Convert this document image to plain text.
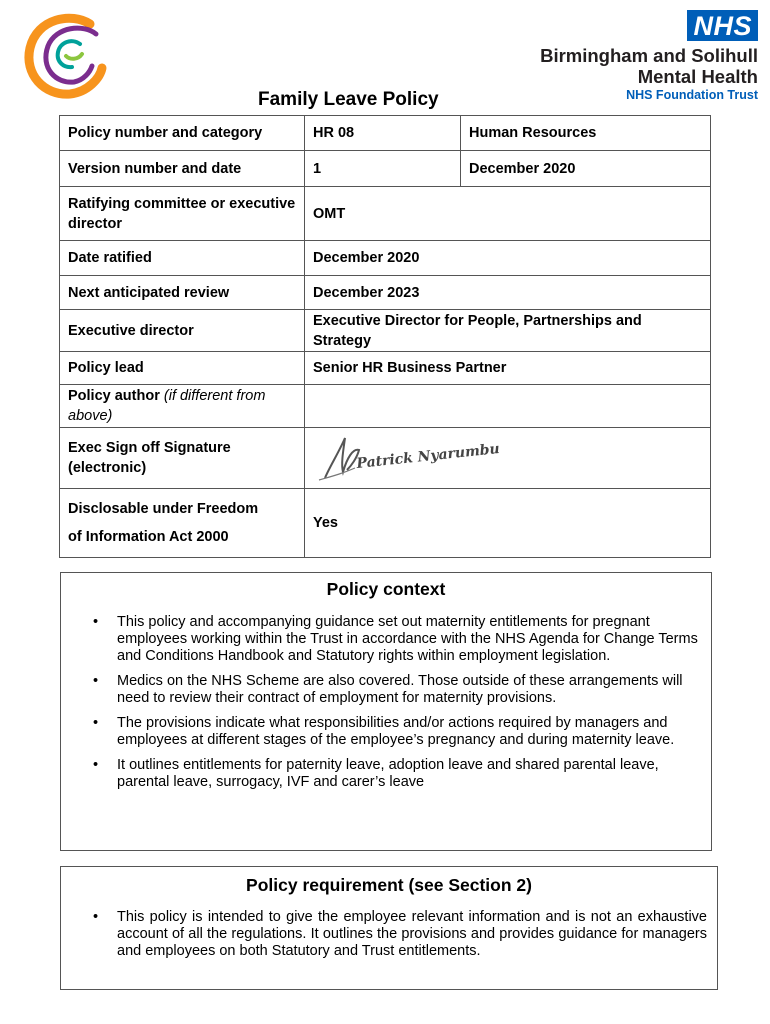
NHS
Birmingham and Solihull
Mental Health
NHS Foundation Trust
Family Leave Policy
Policy number and category	HR 08	Human Resources
Version number and date	1	December 2020
Ratifying committee or executive director	OMT	
Date ratified	December 2020	
Next anticipated review	December 2023	
Executive director	Executive Director for People, Partnerships and Strategy	
Policy lead	Senior HR Business Partner	
Policy author (if different from above)		
Exec Sign off Signature (electronic)	Patrick Nyarumbu	

Disclosable under Freedom
of Information Act 2000	Yes	
Policy context
• This policy and accompanying guidance set out maternity entitlements for pregnant employees working within the Trust in accordance with the NHS Agenda for Change Terms and Conditions Handbook and Statutory rights within employment legislation.
• Medics on the NHS Scheme are also covered. Those outside of these arrangements will need to review their contract of employment for maternity provisions.
• The provisions indicate what responsibilities and/or actions required by managers and employees at different stages of the employee’s pregnancy and during maternity leave.
• It outlines entitlements for paternity leave, adoption leave and shared parental leave, parental leave, surrogacy, IVF and carer’s leave
Policy requirement (see Section 2)
• This policy is intended to give the employee relevant information and is not an exhaustive account of all the regulations. It outlines the provisions and provides guidance for managers and employees on both Statutory and Trust entitlements.
